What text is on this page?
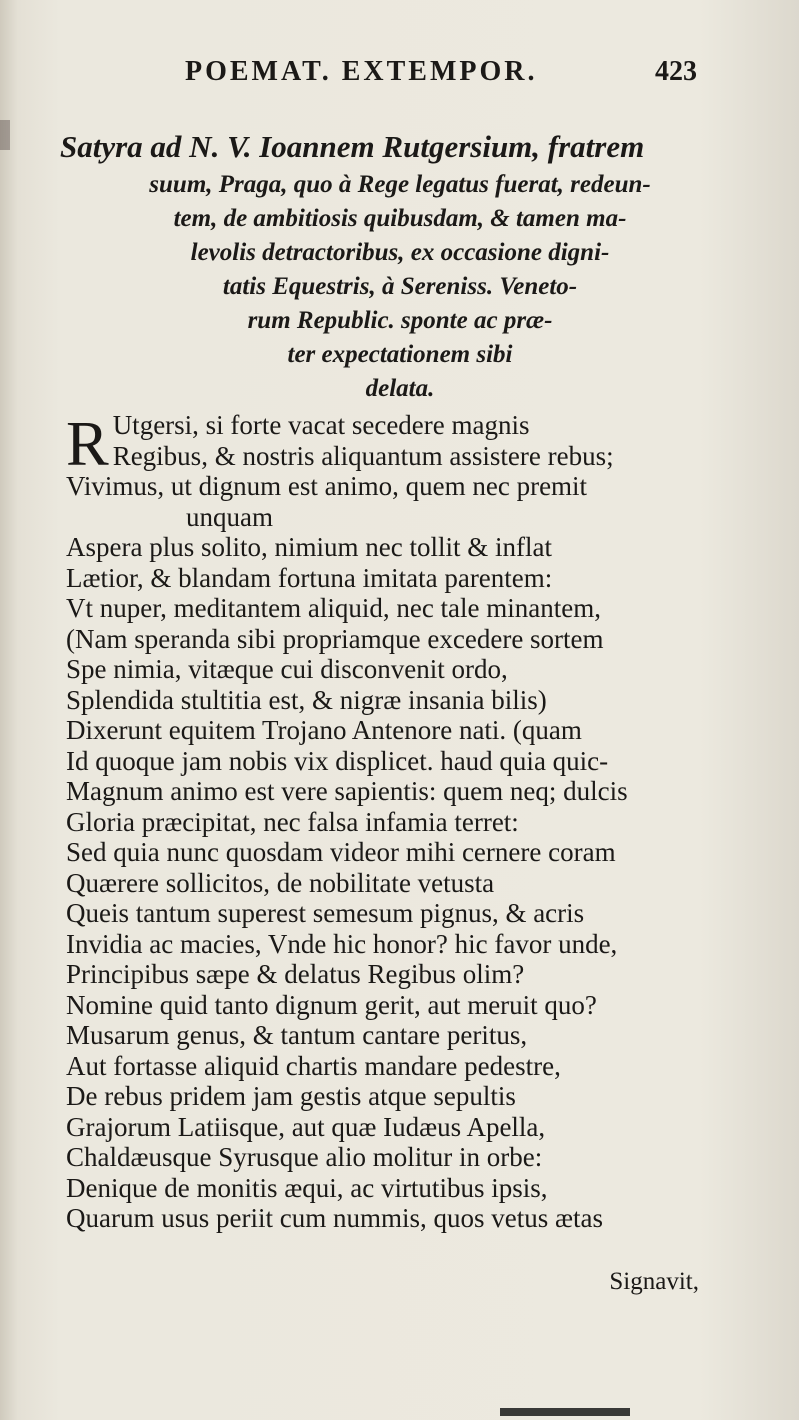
POEMAT. EXTEMPOR.	423
Satyra ad N. V. Ioannem Rutgersium, fratrem
suum, Praga, quo à Rege legatus fuerat, redeun-
tem, de ambitiosis quibusdam, & tamen ma-
levolis detractoribus, ex occasione digni-
tatis Equestris, à Sereniss. Veneto-
rum Republic. sponte ac præ-
ter expectationem sibi
delata.
R Utgersi, si forte vacat secedere magnis
Regibus, & nostris aliquantum assistere rebus;
Vivimus, ut dignum est animo, quem nec premit
unquam
Aspera plus solito, nimium nec tollit & inflat
Lætior, & blandam fortuna imitata parentem:
Vt nuper, meditantem aliquid, nec tale minantem,
(Nam speranda sibi propriamque excedere sortem
Spe nimia, vitæque cui disconvenit ordo,
Splendida stultitia est, & nigræ insania bilis)
Dixerunt equitem Trojano Antenore nati. (quam
Id quoque jam nobis vix displicet. haud quia quic-
Magnum animo est vere sapientis: quem neq; dulcis
Gloria præcipitat, nec falsa infamia terret:
Sed quia nunc quosdam videor mihi cernere coram
Quærere sollicitos, de nobilitate vetusta
Queis tantum superest semesum pignus, & acris
Invidia ac macies, Vnde hic honor? hic favor unde,
Principibus sæpe & delatus Regibus olim?
Nomine quid tanto dignum gerit, aut meruit quo?
Musarum genus, & tantum cantare peritus,
Aut fortasse aliquid chartis mandare pedestre,
De rebus pridem jam gestis atque sepultis
Grajorum Latiisque, aut quæ Iudæus Apella,
Chaldæusque Syrusque alio molitur in orbe:
Denique de monitis æqui, ac virtutibus ipsis,
Quarum usus periit cum nummis, quos vetus ætas
Signavit,
